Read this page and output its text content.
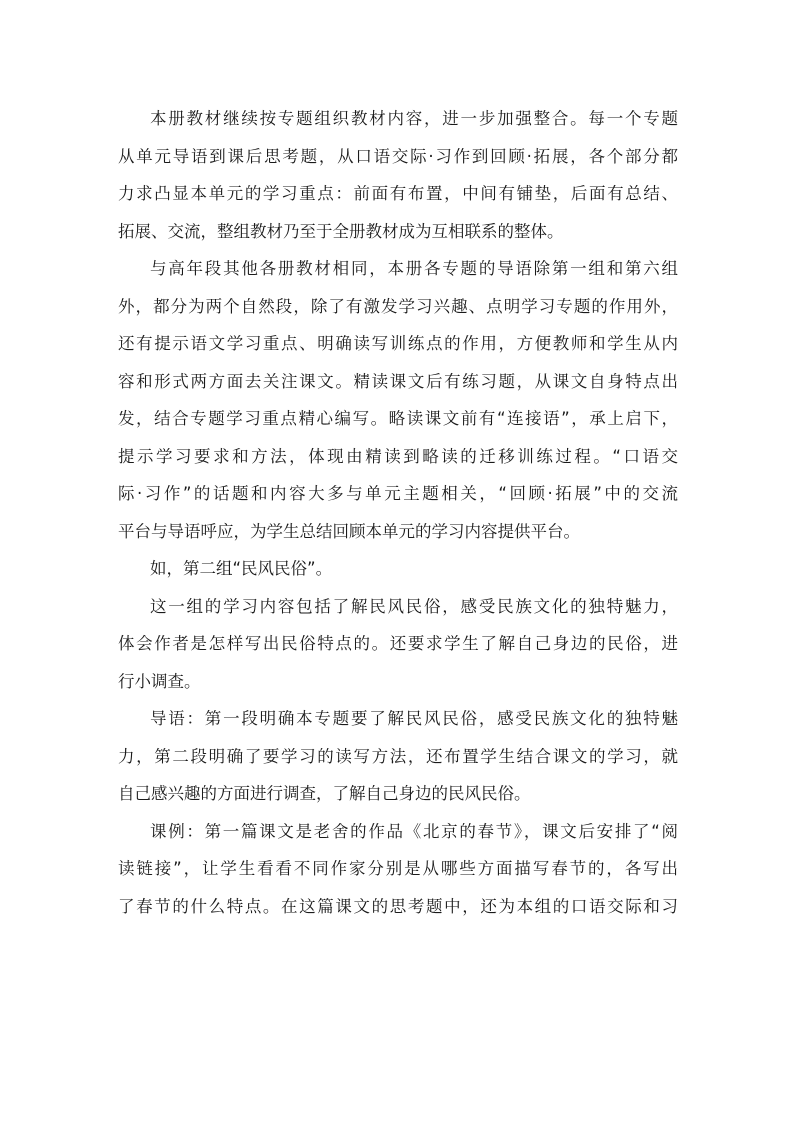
本册教材继续按专题组织教材内容，进一步加强整合。每一个专题
从单元导语到课后思考题，从口语交际·习作到回顾·拓展，各个部分都
力求凸显本单元的学习重点：前面有布置，中间有铺垫，后面有总结、
拓展、交流，整组教材乃至于全册教材成为互相联系的整体。
与高年段其他各册教材相同，本册各专题的导语除第一组和第六组
外，都分为两个自然段，除了有激发学习兴趣、点明学习专题的作用外，
还有提示语文学习重点、明确读写训练点的作用，方便教师和学生从内
容和形式两方面去关注课文。精读课文后有练习题，从课文自身特点出
发，结合专题学习重点精心编写。略读课文前有“连接语”，承上启下，
提示学习要求和方法，体现由精读到略读的迁移训练过程。“口语交
际·习作”的话题和内容大多与单元主题相关，“回顾·拓展”中的交流
平台与导语呼应，为学生总结回顾本单元的学习内容提供平台。
如，第二组“民风民俗”。
这一组的学习内容包括了解民风民俗，感受民族文化的独特魅力，
体会作者是怎样写出民俗特点的。还要求学生了解自己身边的民俗，进
行小调查。
导语：第一段明确本专题要了解民风民俗，感受民族文化的独特魅
力，第二段明确了要学习的读写方法，还布置学生结合课文的学习，就
自己感兴趣的方面进行调查，了解自己身边的民风民俗。
课例：第一篇课文是老舍的作品《北京的春节》，课文后安排了“阅
读链接”，让学生看看不同作家分别是从哪些方面描写春节的，各写出
了春节的什么特点。在这篇课文的思考题中，还为本组的口语交际和习
